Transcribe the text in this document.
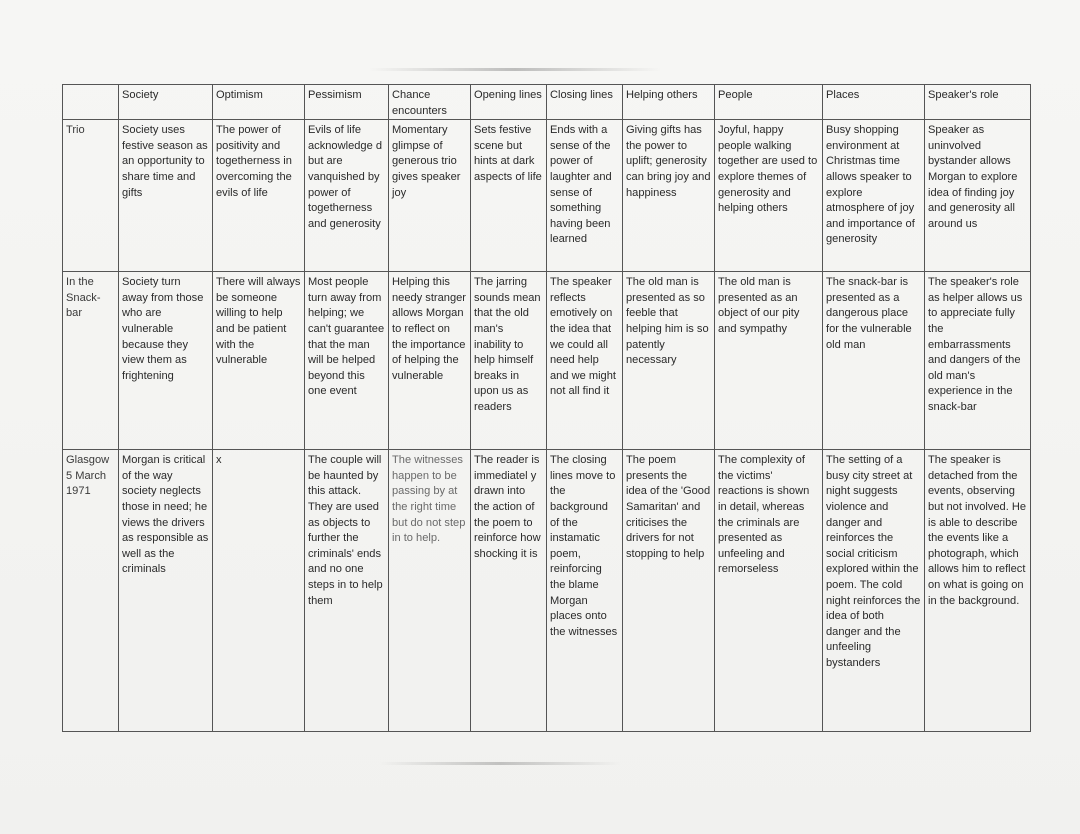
	Society	Optimism	Pessimism	Chance encounters	Opening lines	Closing lines	Helping others	People	Places	Speaker's role
Trio	Society uses festive season as an opportunity to share time and gifts	The power of positivity and togetherness in overcoming the evils of life	Evils of life acknowledge d but are vanquished by power of togetherness and generosity	Momentary glimpse of generous trio gives speaker joy	Sets festive scene but hints at dark aspects of life	Ends with a sense of the power of laughter and sense of something having been learned	Giving gifts has the power to uplift; generosity can bring joy and happiness	Joyful, happy people walking together are used to explore themes of generosity and helping others	Busy shopping environment at Christmas time allows speaker to explore atmosphere of joy and importance of generosity	Speaker as uninvolved bystander allows Morgan to explore idea of finding joy and generosity all around us
In the Snack-bar	Society turn away from those who are vulnerable because they view them as frightening	There will always be someone willing to help and be patient with the vulnerable	Most people turn away from helping; we can't guarantee that the man will be helped beyond this one event	Helping this needy stranger allows Morgan to reflect on the importance of helping the vulnerable	The jarring sounds mean that the old man's inability to help himself breaks in upon us as readers	The speaker reflects emotively on the idea that we could all need help and we might not all find it	The old man is presented as so feeble that helping him is so patently necessary	The old man is presented as an object of our pity and sympathy	The snack-bar is presented as a dangerous place for the vulnerable old man	The speaker's role as helper allows us to appreciate fully the embarrassments and dangers of the old man's experience in the snack-bar
Glasgow 5 March 1971	Morgan is critical of the way society neglects those in need; he views the drivers as responsible as well as the criminals	x	The couple will be haunted by this attack. They are used as objects to further the criminals' ends and no one steps in to help them	The witnesses happen to be passing by at the right time but do not step in to help.	The reader is immediatel y drawn into the action of the poem to reinforce how shocking it is	The closing lines move to the background of the instamatic poem, reinforcing the blame Morgan places onto the witnesses	The poem presents the idea of the 'Good Samaritan' and criticises the drivers for not stopping to help	The complexity of the victims' reactions is shown in detail, whereas the criminals are presented as unfeeling and remorseless	The setting of a busy city street at night suggests violence and danger and reinforces the social criticism explored within the poem. The cold night reinforces the idea of both danger and the unfeeling bystanders	The speaker is detached from the events, observing but not involved. He is able to describe the events like a photograph, which allows him to reflect on what is going on in the background.
